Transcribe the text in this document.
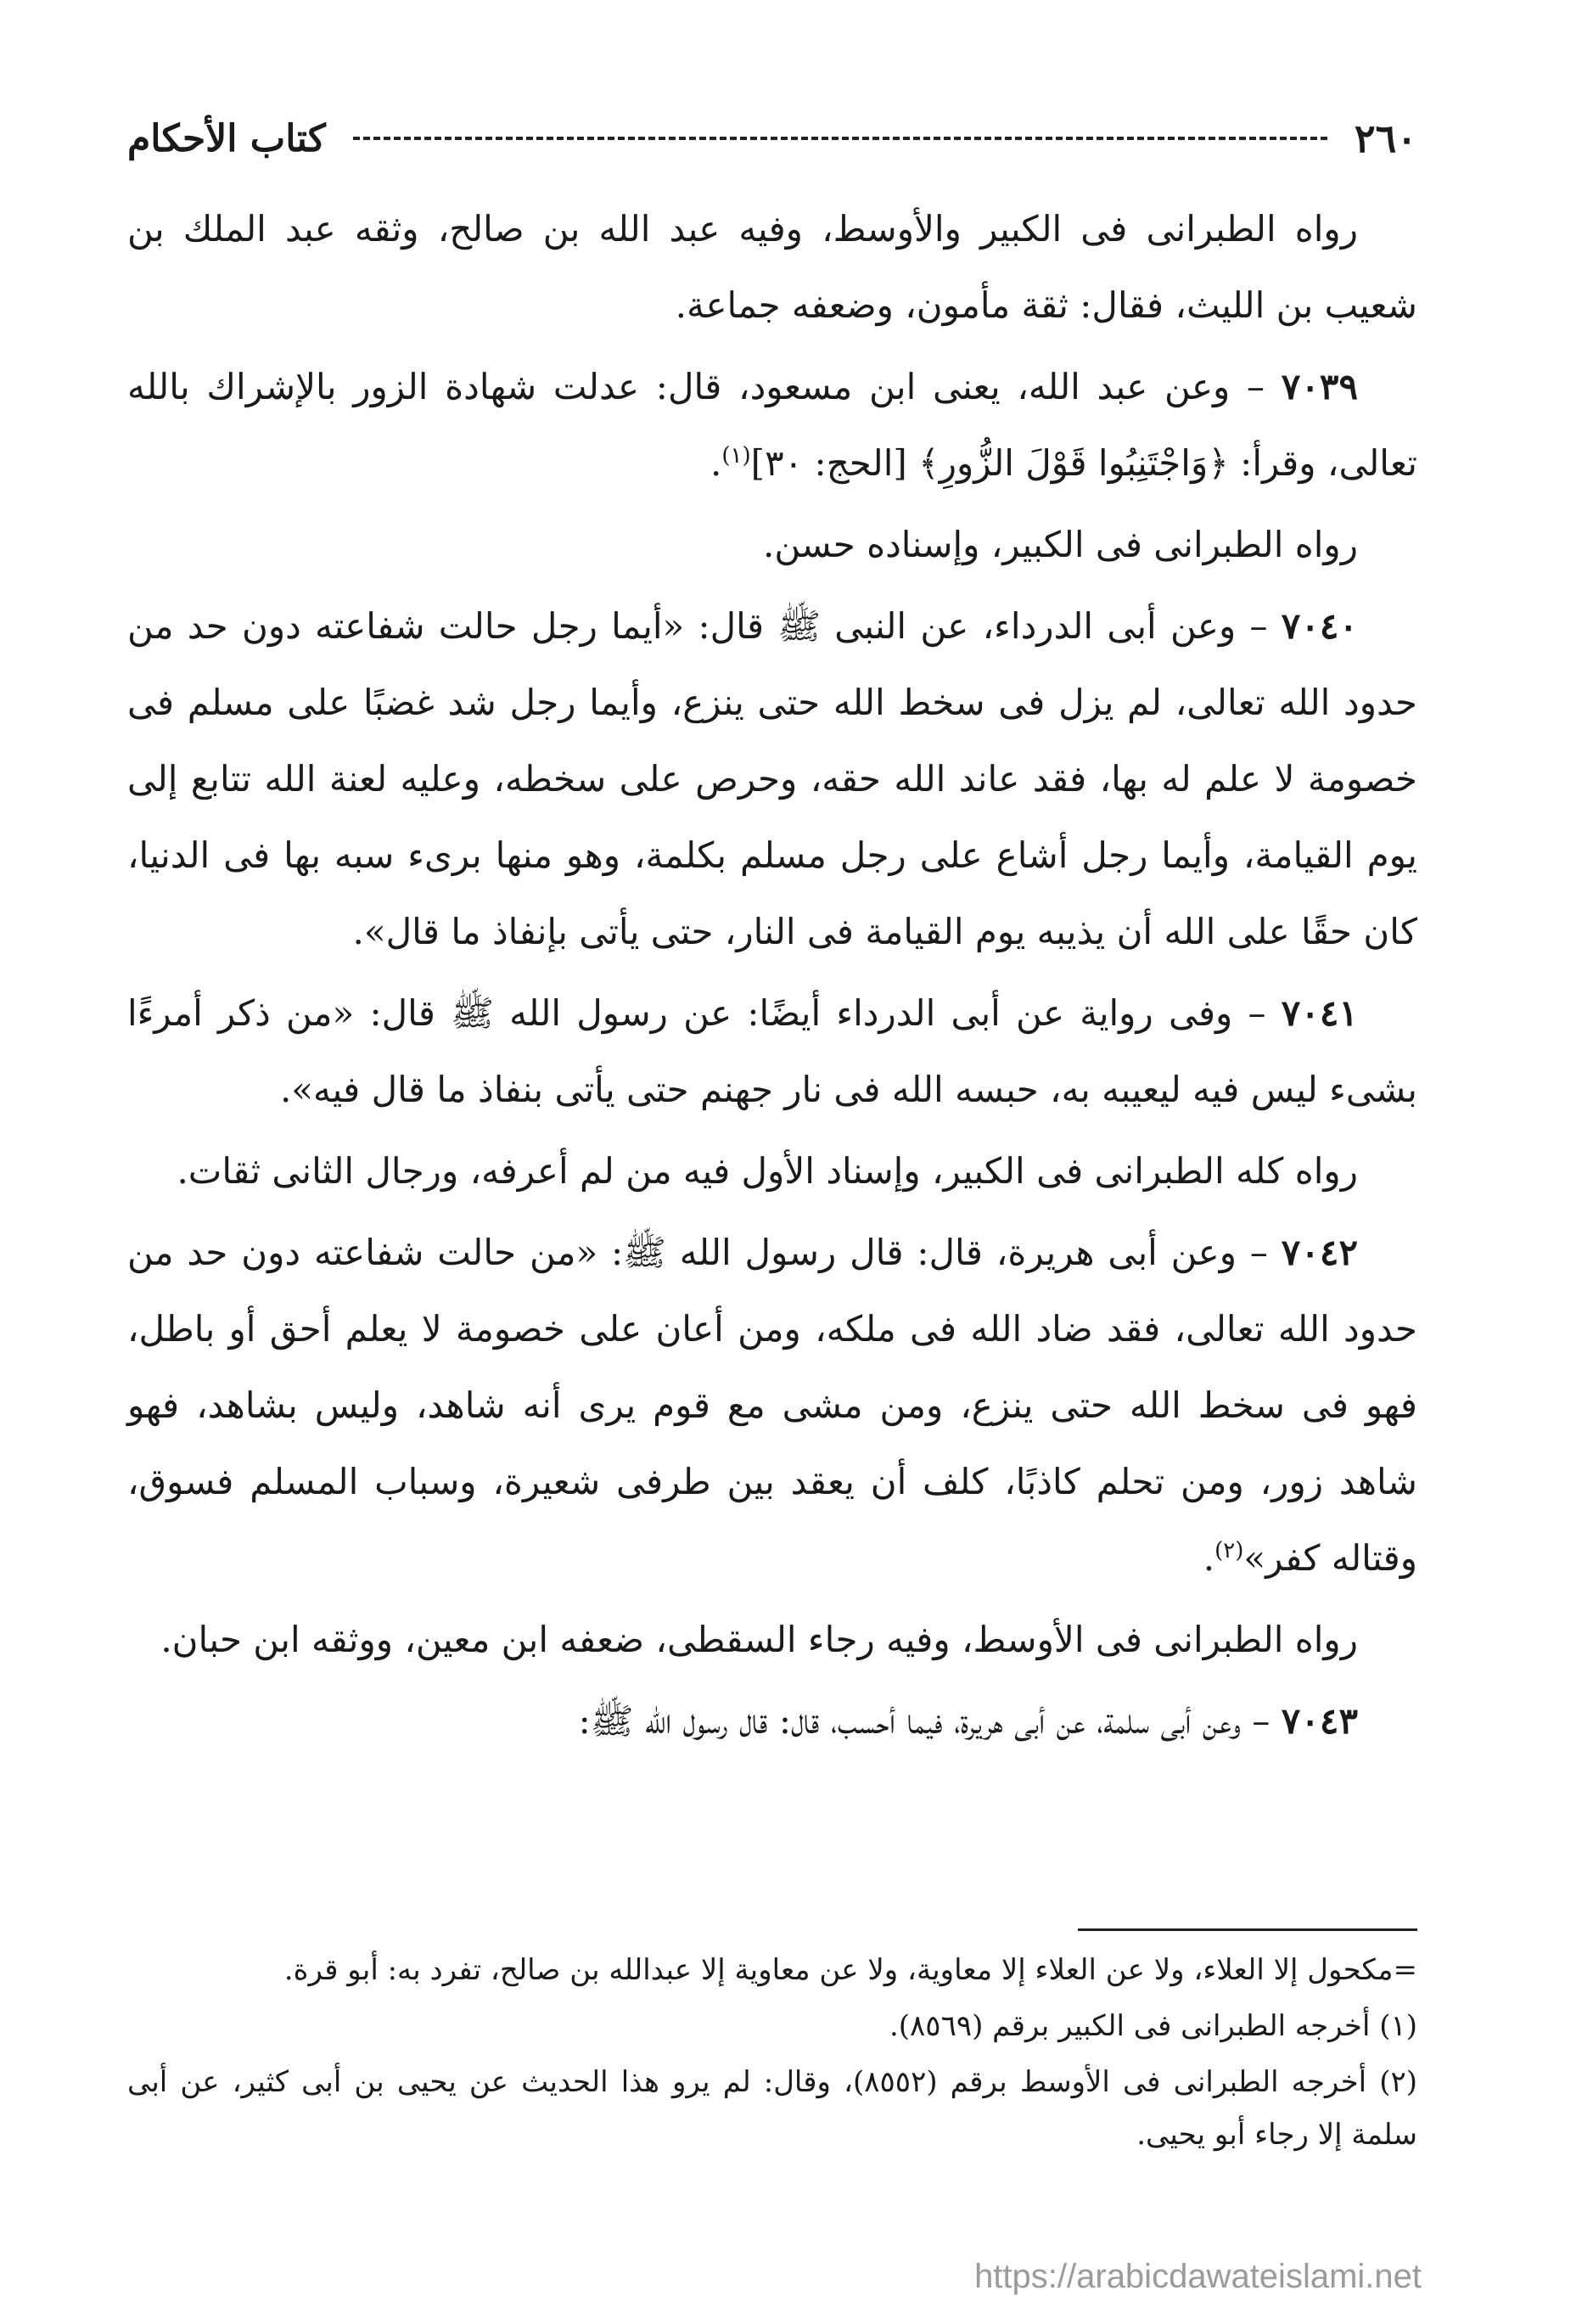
٢٦٠
كتاب الأحكام

رواه الطبرانى فى الكبير والأوسط، وفيه عبد الله بن صالح، وثقه عبد الملك بن شعيب بن الليث، فقال: ثقة مأمون، وضعفه جماعة.

٧٠٣٩ – وعن عبد الله، يعنى ابن مسعود، قال: عدلت شهادة الزور بالإشراك بالله تعالى، وقرأ: ﴿وَاجْتَنِبُوا قَوْلَ الزُّورِ﴾ [الحج: ٣٠]$^{(١)}$.

رواه الطبرانى فى الكبير، وإسناده حسن.

٧٠٤٠ – وعن أبى الدرداء، عن النبى ﷺ قال: «أيما رجل حالت شفاعته دون حد من حدود الله تعالى، لم يزل فى سخط الله حتى ينزع، وأيما رجل شد غضبًا على مسلم فى خصومة لا علم له بها، فقد عاند الله حقه، وحرص على سخطه، وعليه لعنة الله تتابع إلى يوم القيامة، وأيما رجل أشاع على رجل مسلم بكلمة، وهو منها برىء سبه بها فى الدنيا، كان حقًا على الله أن يذيبه يوم القيامة فى النار، حتى يأتى بإنفاذ ما قال».

٧٠٤١ – وفى رواية عن أبى الدرداء أيضًا: عن رسول الله ﷺ قال: «من ذكر أمرءًا بشىء ليس فيه ليعيبه به، حبسه الله فى نار جهنم حتى يأتى بنفاذ ما قال فيه».

رواه كله الطبرانى فى الكبير، وإسناد الأول فيه من لم أعرفه، ورجال الثانى ثقات.

٧٠٤٢ – وعن أبى هريرة، قال: قال رسول الله ﷺ: «من حالت شفاعته دون حد من حدود الله تعالى، فقد ضاد الله فى ملكه، ومن أعان على خصومة لا يعلم أحق أو باطل، فهو فى سخط الله حتى ينزع، ومن مشى مع قوم يرى أنه شاهد، وليس بشاهد، فهو شاهد زور، ومن تحلم كاذبًا، كلف أن يعقد بين طرفى شعيرة، وسباب المسلم فسوق، وقتاله كفر»$^{(٢)}$.

رواه الطبرانى فى الأوسط، وفيه رجاء السقطى، ضعفه ابن معين، ووثقه ابن حبان.

٧٠٤٣ – وعن أبى سلمة، عن أبى هريرة، فيما أحسب، قال: قال رسول الله ﷺ:

=مكحول إلا العلاء، ولا عن العلاء إلا معاوية، ولا عن معاوية إلا عبدالله بن صالح، تفرد به: أبو قرة.

(١) أخرجه الطبرانى فى الكبير برقم (٨٥٦٩).

(٢) أخرجه الطبرانى فى الأوسط برقم (٨٥٥٢)، وقال: لم يرو هذا الحديث عن يحيى بن أبى كثير، عن أبى سلمة إلا رجاء أبو يحيى.

https://arabicdawateislami.net
